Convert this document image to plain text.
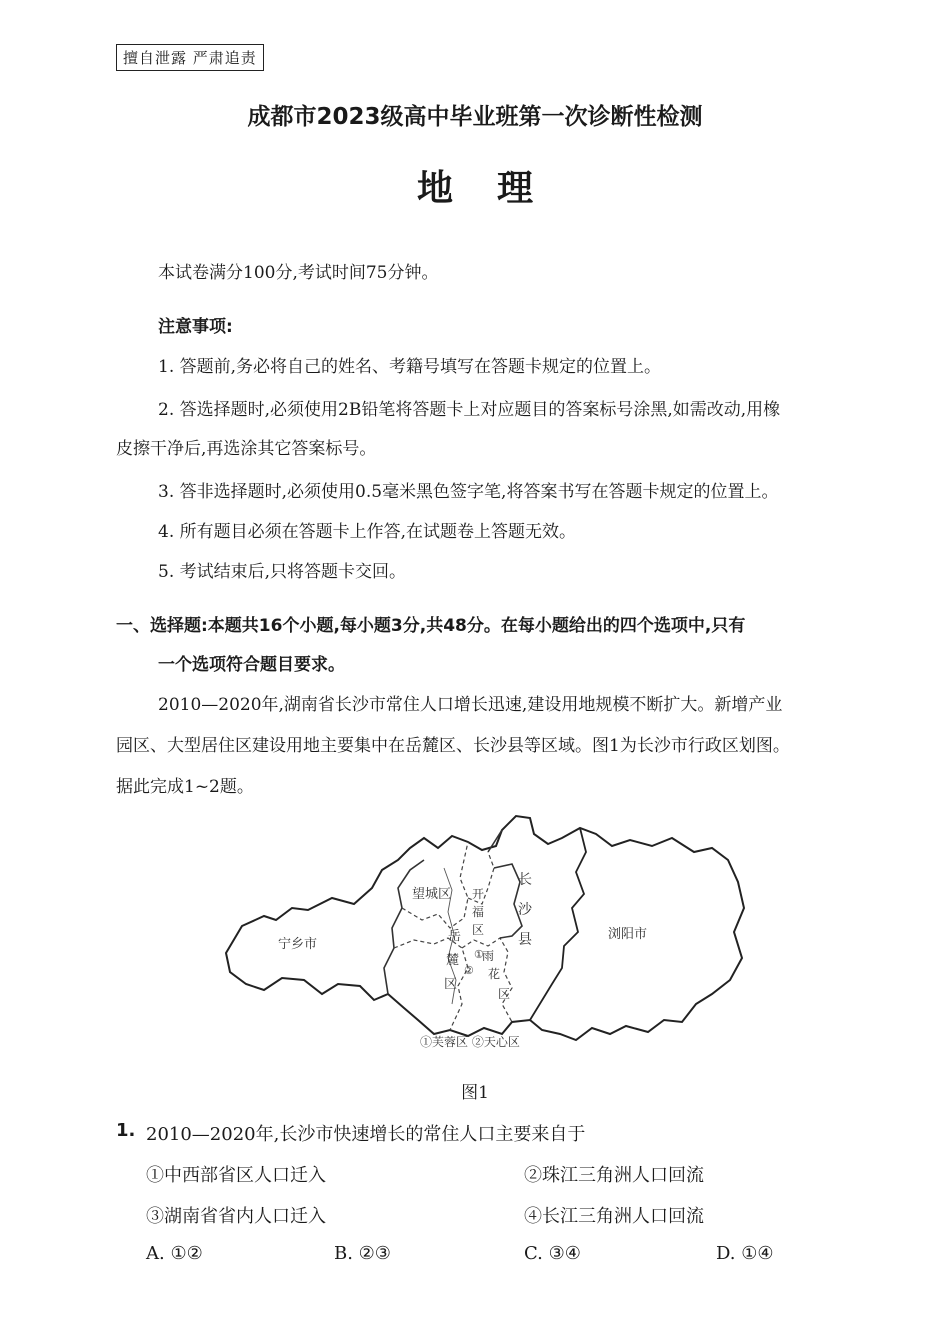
擅自泄露 严肃追责
成都市2023级高中毕业班第一次诊断性检测
地理
本试卷满分100分,考试时间75分钟。
注意事项:
1. 答题前,务必将自己的姓名、考籍号填写在答题卡规定的位置上。
2. 答选择题时,必须使用2B铅笔将答题卡上对应题目的答案标号涂黑,如需改动,用橡
皮擦干净后,再选涂其它答案标号。
3. 答非选择题时,必须使用0.5毫米黑色签字笔,将答案书写在答题卡规定的位置上。
4. 所有题目必须在答题卡上作答,在试题卷上答题无效。
5. 考试结束后,只将答题卡交回。
一、选择题:本题共16个小题,每小题3分,共48分。在每小题给出的四个选项中,只有
一个选项符合题目要求。
2010—2020年,湖南省长沙市常住人口增长迅速,建设用地规模不断扩大。新增产业
园区、大型居住区建设用地主要集中在岳麓区、长沙县等区域。图1为长沙市行政区划图。
据此完成1~2题。
宁乡市
望城区 开
福
区
岳
麓
区
雨
花
区
①
②
长
沙
县	浏阳市
①芙蓉区 ②天心区
图1
1. 2010—2020年,长沙市快速增长的常住人口主要来自于
①中西部省区人口迁入	②珠江三角洲人口回流
③湖南省省内人口迁入	④长江三角洲人口回流
A. ①②	B. ②③	C. ③④	D. ①④
